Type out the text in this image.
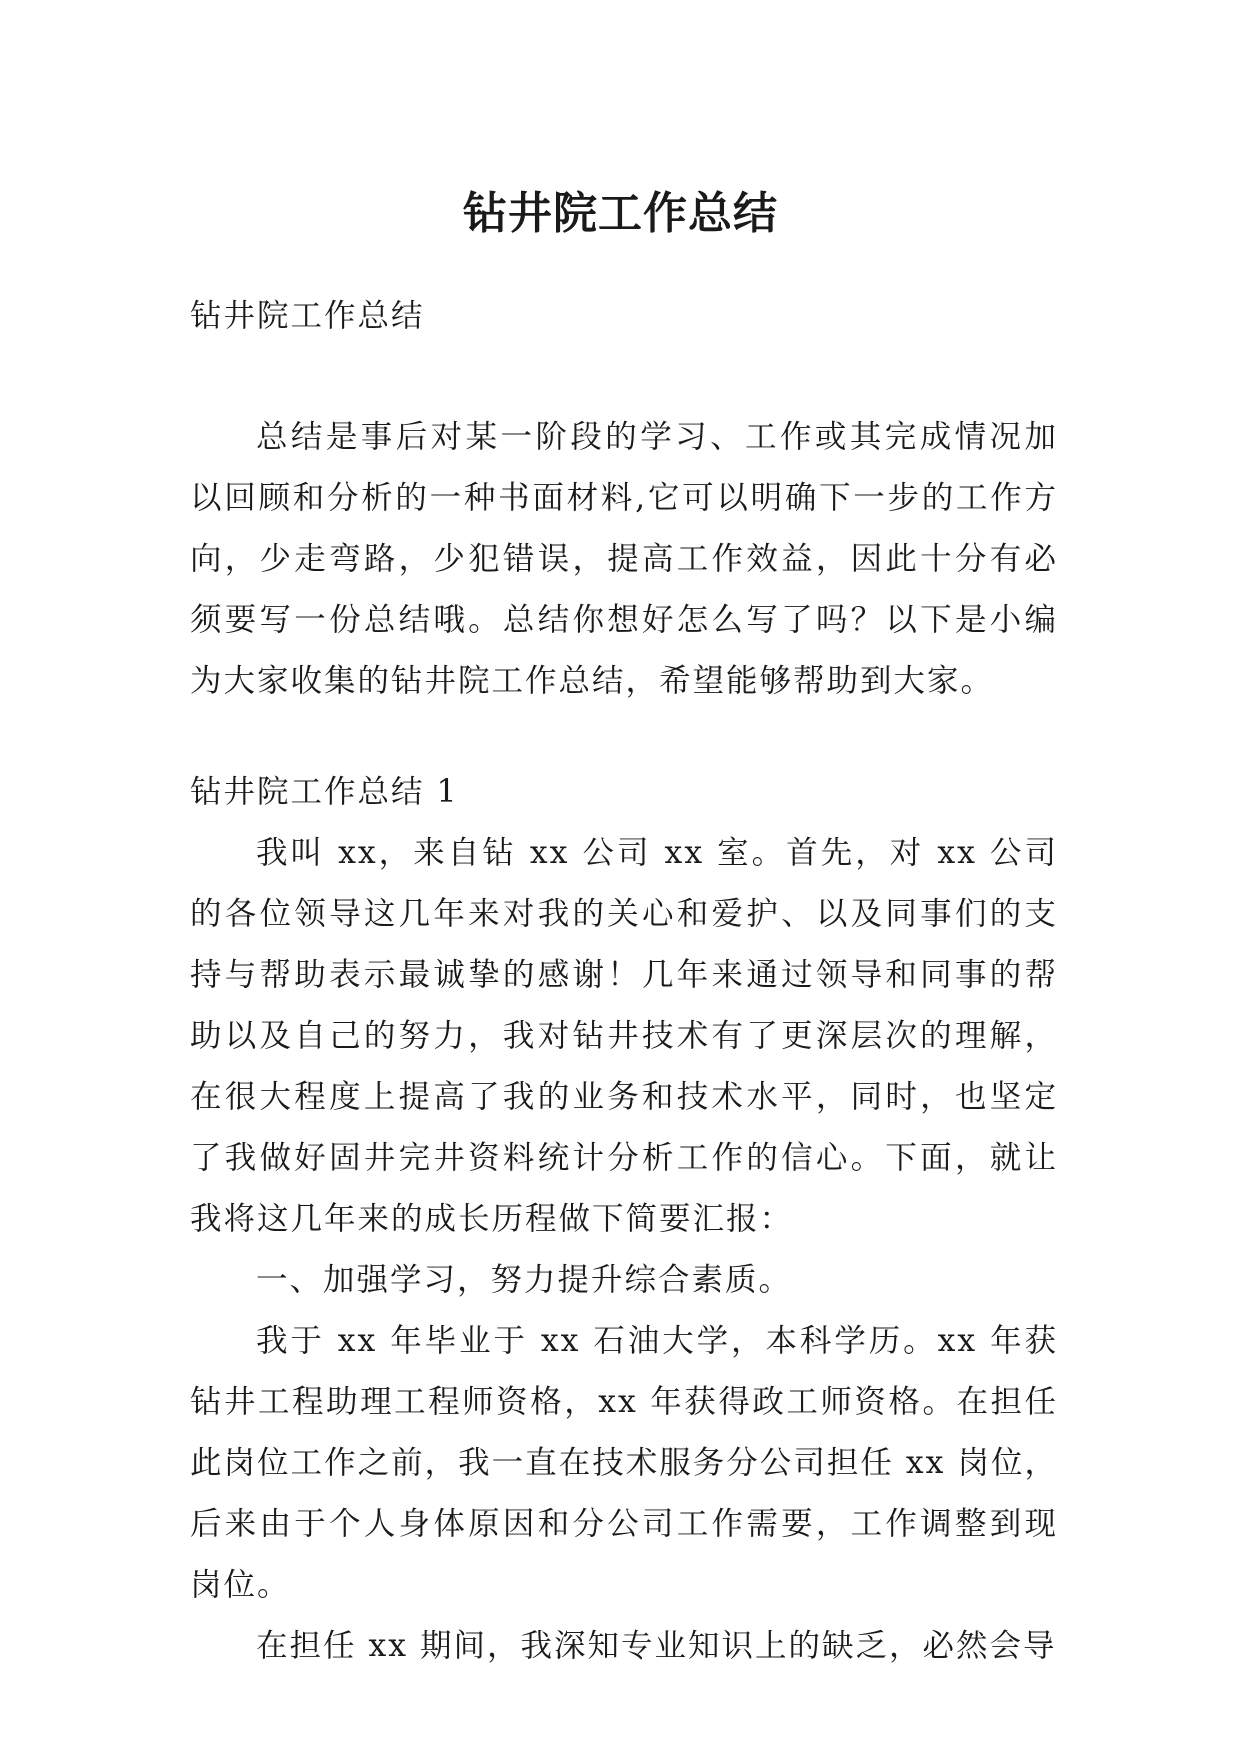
钻井院工作总结

钻井院工作总结

总结是事后对某一阶段的学习、工作或其完成情况加以回顾和分析的一种书面材料,它可以明确下一步的工作方向，少走弯路，少犯错误，提高工作效益，因此十分有必须要写一份总结哦。总结你想好怎么写了吗？以下是小编为大家收集的钻井院工作总结，希望能够帮助到大家。

钻井院工作总结 1

我叫 xx，来自钻 xx 公司 xx 室。首先，对 xx 公司的各位领导这几年来对我的关心和爱护、以及同事们的支持与帮助表示最诚挚的感谢！几年来通过领导和同事的帮助以及自己的努力，我对钻井技术有了更深层次的理解，在很大程度上提高了我的业务和技术水平，同时，也坚定了我做好固井完井资料统计分析工作的信心。下面，就让我将这几年来的成长历程做下简要汇报：

一、加强学习，努力提升综合素质。

我于 xx 年毕业于 xx 石油大学，本科学历。xx 年获钻井工程助理工程师资格，xx 年获得政工师资格。在担任此岗位工作之前，我一直在技术服务分公司担任 xx 岗位，后来由于个人身体原因和分公司工作需要，工作调整到现岗位。

在担任 xx 期间，我深知专业知识上的缺乏，必然会导
